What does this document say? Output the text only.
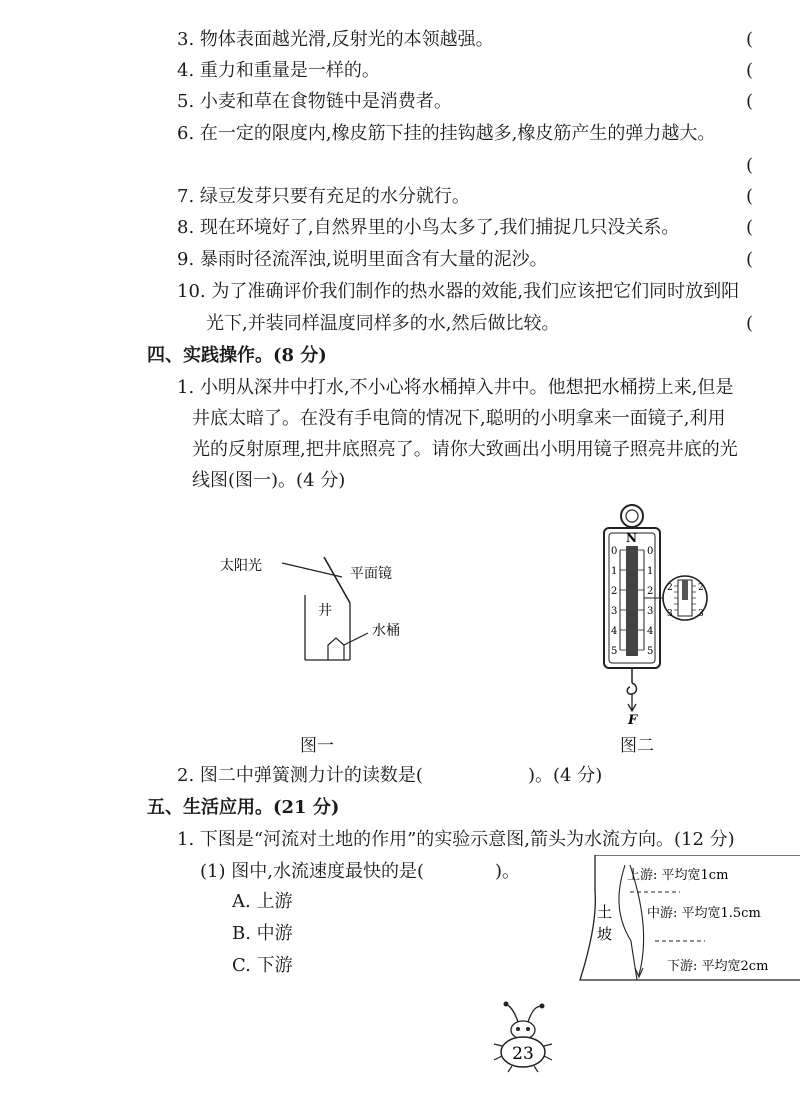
3. 物体表面越光滑,反射光的本领越强。	(
4. 重力和重量是一样的。	(
5. 小麦和草在食物链中是消费者。	(
6. 在一定的限度内,橡皮筋下挂的挂钩越多,橡皮筋产生的弹力越大。
(
7. 绿豆发芽只要有充足的水分就行。	(
8. 现在环境好了,自然界里的小鸟太多了,我们捕捉几只没关系。	(
9. 暴雨时径流浑浊,说明里面含有大量的泥沙。	(
10. 为了准确评价我们制作的热水器的效能,我们应该把它们同时放到阳
光下,并装同样温度同样多的水,然后做比较。	(
四、实践操作。(8 分)
1. 小明从深井中打水,不小心将水桶掉入井中。他想把水桶捞上来,但是
井底太暗了。在没有手电筒的情况下,聪明的小明拿来一面镜子,利用
光的反射原理,把井底照亮了。请你大致画出小明用镜子照亮井底的光
线图(图一)。(4 分)
太阳光	平面镜
井
水桶
图一
N
0
1
2
3
4
5
0
1
2
3
4
5
F
2
3
2
3
图二
2. 图二中弹簧测力计的读数是(	)。(4 分)
五、生活应用。(21 分)
1. 下图是“河流对土地的作用”的实验示意图,箭头为水流方向。(12 分)
(1) 图中,水流速度最快的是(	)。
A. 上游
B. 中游
C. 下游
土
坡
上游: 平均宽1cm
中游: 平均宽1.5cm
下游: 平均宽2cm
23
